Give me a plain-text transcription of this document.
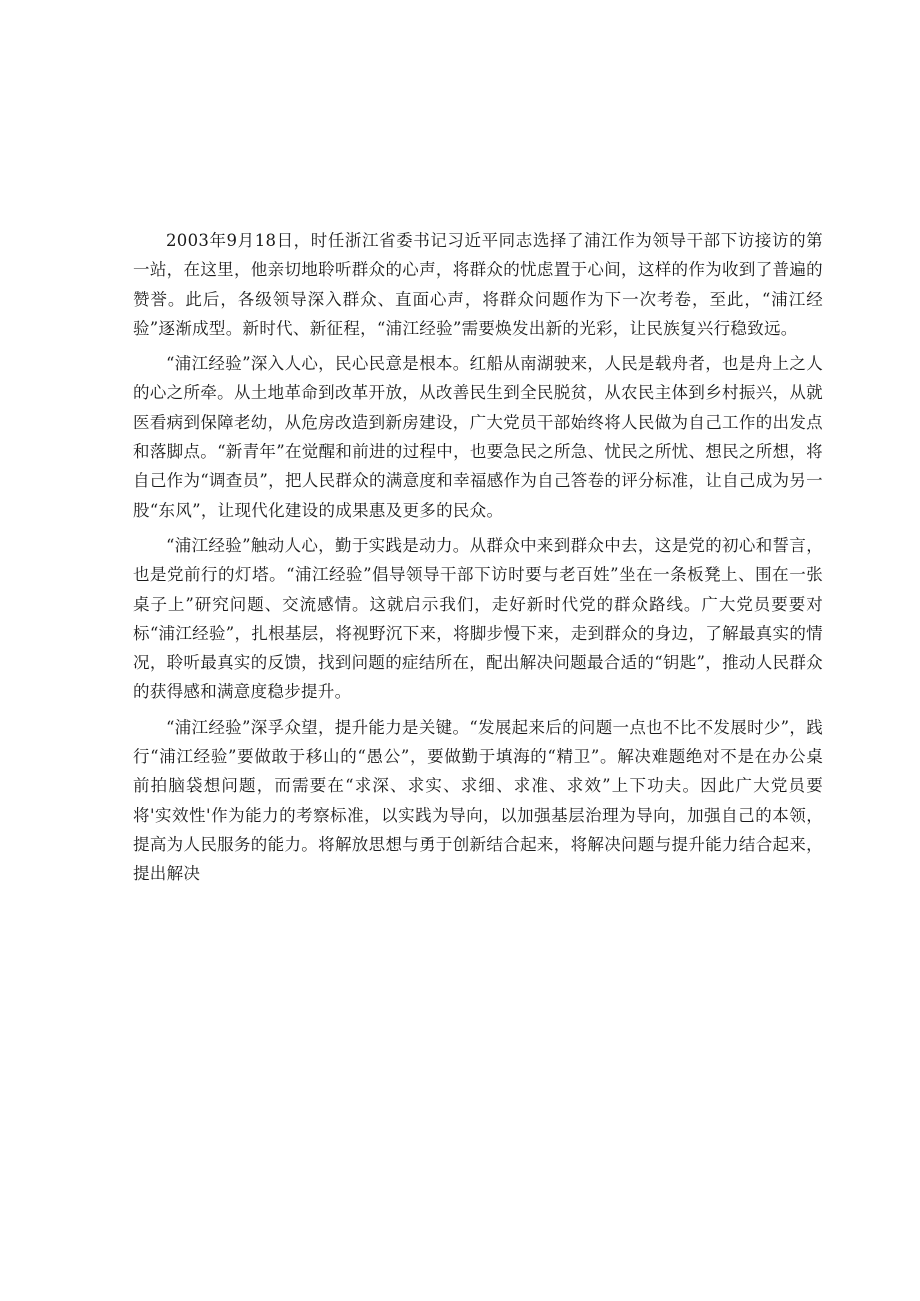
2003年9月18日，时任浙江省委书记习近平同志选择了浦江作为领导干部下访接访的第一站，在这里，他亲切地聆听群众的心声，将群众的忧虑置于心间，这样的作为收到了普遍的赞誉。此后，各级领导深入群众、直面心声，将群众问题作为下一次考卷，至此，“浦江经验”逐渐成型。新时代、新征程，“浦江经验”需要焕发出新的光彩，让民族复兴行稳致远。

“浦江经验”深入人心，民心民意是根本。红船从南湖驶来，人民是载舟者，也是舟上之人的心之所牵。从土地革命到改革开放，从改善民生到全民脱贫，从农民主体到乡村振兴，从就医看病到保障老幼，从危房改造到新房建设，广大党员干部始终将人民做为自己工作的出发点和落脚点。“新青年”在觉醒和前进的过程中，也要急民之所急、忧民之所忧、想民之所想，将自己作为“调查员”，把人民群众的满意度和幸福感作为自己答卷的评分标准，让自己成为另一股“东风”，让现代化建设的成果惠及更多的民众。

“浦江经验”触动人心，勤于实践是动力。从群众中来到群众中去，这是党的初心和誓言，也是党前行的灯塔。“浦江经验”倡导领导干部下访时要与老百姓”坐在一条板凳上、围在一张桌子上”研究问题、交流感情。这就启示我们，走好新时代党的群众路线。广大党员要要对标“浦江经验”，扎根基层，将视野沉下来，将脚步慢下来，走到群众的身边，了解最真实的情况，聆听最真实的反馈，找到问题的症结所在，配出解决问题最合适的“钥匙”，推动人民群众的获得感和满意度稳步提升。

“浦江经验”深孚众望，提升能力是关键。“发展起来后的问题一点也不比不发展时少”，践行“浦江经验”要做敢于移山的“愚公”，要做勤于填海的“精卫”。解决难题绝对不是在办公桌前拍脑袋想问题，而需要在“求深、求实、求细、求准、求效”上下功夫。因此广大党员要将'实效性'作为能力的考察标准，以实践为导向，以加强基层治理为导向，加强自己的本领，提高为人民服务的能力。将解放思想与勇于创新结合起来，将解决问题与提升能力结合起来，提出解决
